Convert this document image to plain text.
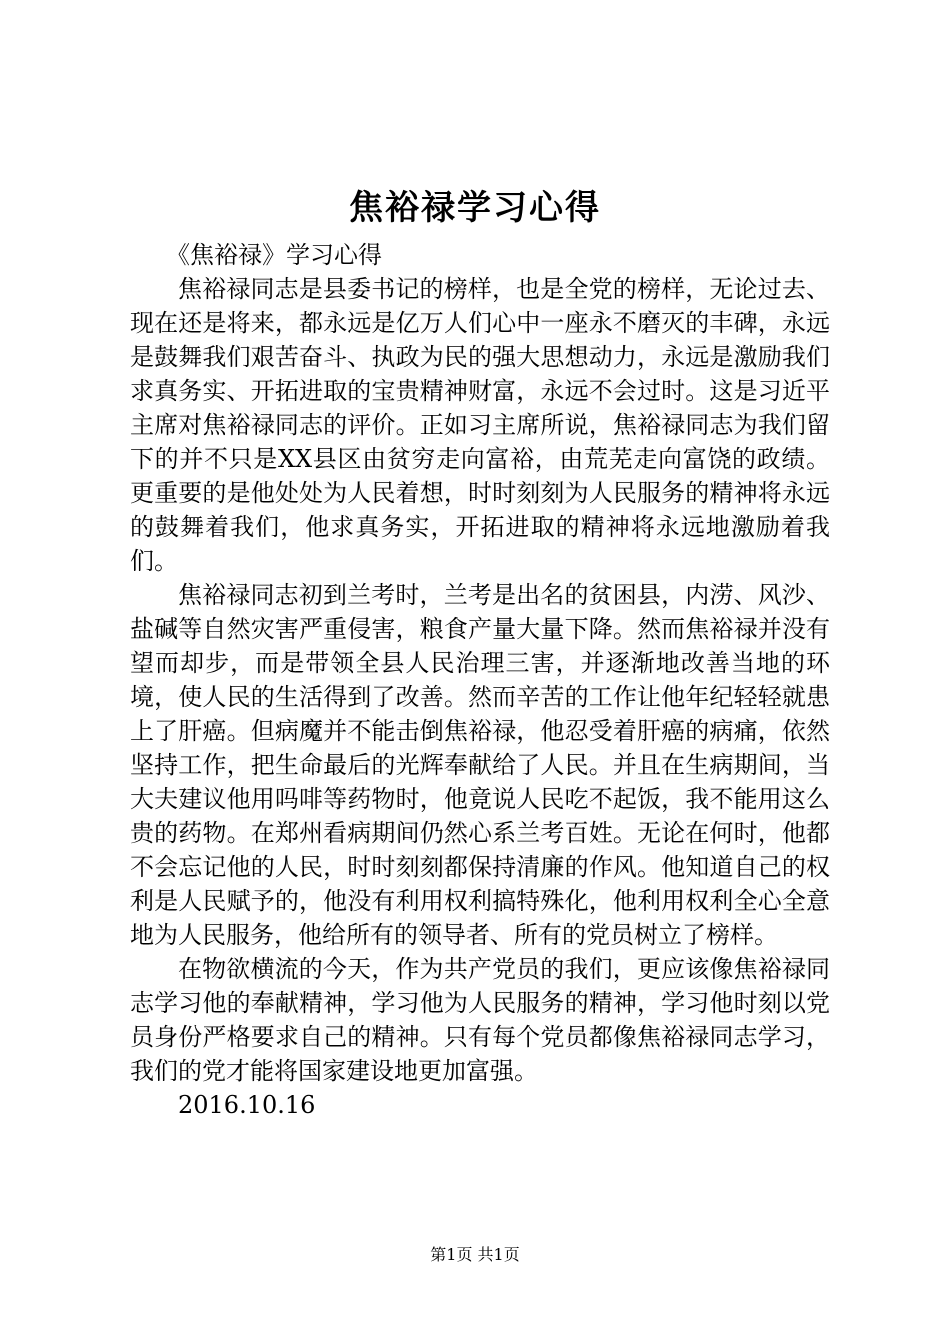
焦裕禄学习心得

《焦裕禄》学习心得

焦裕禄同志是县委书记的榜样，也是全党的榜样，无论过去、现在还是将来，都永远是亿万人们心中一座永不磨灭的丰碑，永远是鼓舞我们艰苦奋斗、执政为民的强大思想动力，永远是激励我们求真务实、开拓进取的宝贵精神财富，永远不会过时。这是习近平主席对焦裕禄同志的评价。正如习主席所说，焦裕禄同志为我们留下的并不只是XX县区由贫穷走向富裕，由荒芜走向富饶的政绩。更重要的是他处处为人民着想，时时刻刻为人民服务的精神将永远的鼓舞着我们，他求真务实，开拓进取的精神将永远地激励着我们。

焦裕禄同志初到兰考时，兰考是出名的贫困县，内涝、风沙、盐碱等自然灾害严重侵害，粮食产量大量下降。然而焦裕禄并没有望而却步，而是带领全县人民治理三害，并逐渐地改善当地的环境，使人民的生活得到了改善。然而辛苦的工作让他年纪轻轻就患上了肝癌。但病魔并不能击倒焦裕禄，他忍受着肝癌的病痛，依然坚持工作，把生命最后的光辉奉献给了人民。并且在生病期间，当大夫建议他用吗啡等药物时，他竟说人民吃不起饭，我不能用这么贵的药物。在郑州看病期间仍然心系兰考百姓。无论在何时，他都不会忘记他的人民，时时刻刻都保持清廉的作风。他知道自己的权利是人民赋予的，他没有利用权利搞特殊化，他利用权利全心全意地为人民服务，他给所有的领导者、所有的党员树立了榜样。

在物欲横流的今天，作为共产党员的我们，更应该像焦裕禄同志学习他的奉献精神，学习他为人民服务的精神，学习他时刻以党员身份严格要求自己的精神。只有每个党员都像焦裕禄同志学习，我们的党才能将国家建设地更加富强。

2016.10.16

第1页 共1页
